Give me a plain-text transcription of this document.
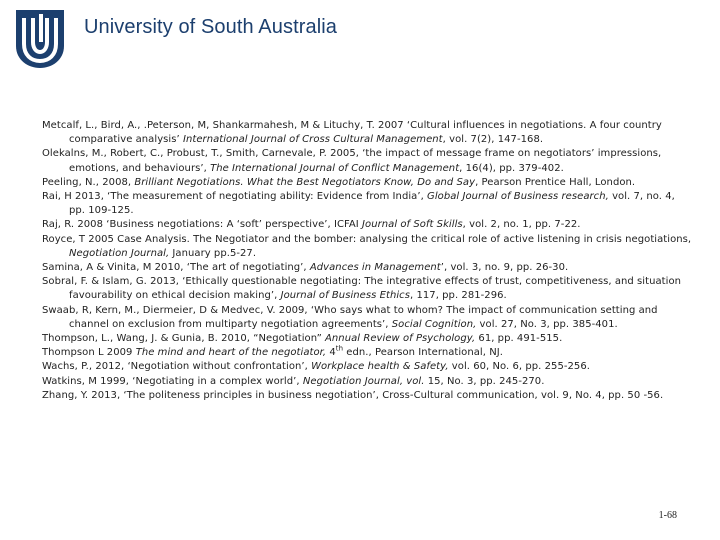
University of South Australia

Metcalf, L., Bird, A., .Peterson, M, Shankarmahesh, M & Lituchy, T. 2007 ‘Cultural influences in negotiations. A four country comparative analysis’ International Journal of Cross Cultural Management, vol. 7(2), 147-168.

Olekalns, M., Robert, C., Probust, T., Smith, Carnevale, P. 2005, ‘the impact of message frame on negotiators’ impressions, emotions, and behaviours’, The International Journal of Conflict Management, 16(4), pp. 379-402.

Peeling, N., 2008, Brilliant Negotiations. What the Best Negotiators Know, Do and Say, Pearson Prentice Hall, London.

Rai, H 2013, ‘The measurement of negotiating ability: Evidence from India’, Global Journal of Business research, vol. 7, no. 4, pp. 109-125.

Raj, R. 2008 ‘Business negotiations: A ‘soft’ perspective’, ICFAI Journal of Soft Skills, vol. 2, no. 1, pp. 7-22.

Royce, T 2005 Case Analysis. The Negotiator and the bomber: analysing the critical role of active listening in crisis negotiations, Negotiation Journal, January pp.5-27.

Samina, A & Vinita, M 2010, ‘The art of negotiating’, Advances in Management’, vol. 3, no. 9, pp. 26-30.

Sobral, F. & Islam, G. 2013, ‘Ethically questionable negotiating: The integrative effects of trust, competitiveness, and situation favourability on ethical decision making’, Journal of Business Ethics, 117, pp. 281-296.

Swaab, R, Kern, M., Diermeier, D & Medvec, V. 2009, ‘Who says what to whom? The impact of communication setting and channel on exclusion from multiparty negotiation agreements’, Social Cognition, vol. 27, No. 3, pp. 385-401.

Thompson, L., Wang, J. & Gunia, B. 2010, “Negotiation” Annual Review of Psychology, 61, pp. 491-515.

Thompson L 2009 The mind and heart of the negotiator, 4th edn., Pearson International, NJ.

Wachs, P., 2012, ‘Negotiation without confrontation’, Workplace health & Safety, vol. 60, No. 6, pp. 255-256.

Watkins, M 1999, ‘Negotiating in a complex world’, Negotiation Journal, vol. 15, No. 3, pp. 245-270.

Zhang, Y. 2013, ‘The politeness principles in business negotiation’, Cross-Cultural communication, vol. 9, No. 4, pp. 50 -56.

1-68
